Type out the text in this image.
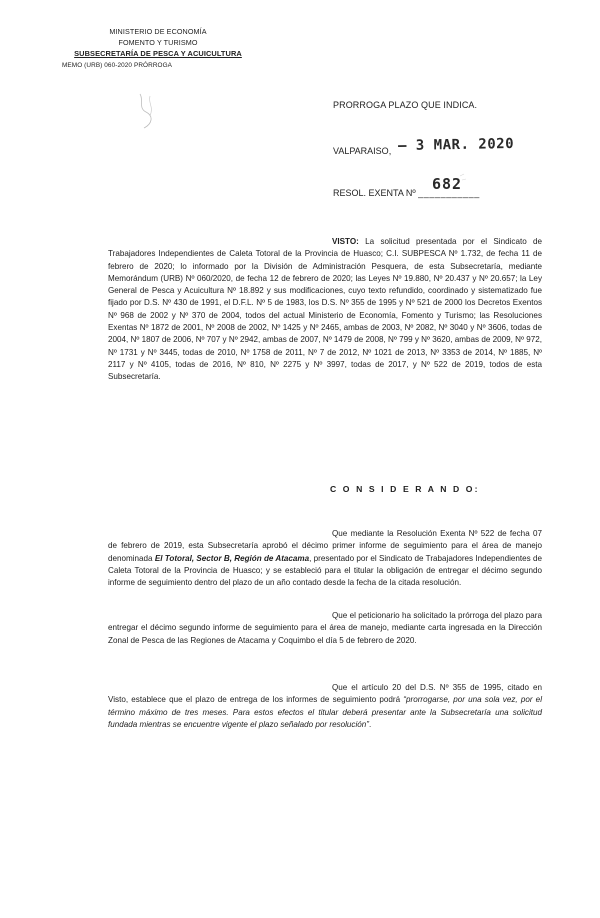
MINISTERIO DE ECONOMÍA
FOMENTO Y TURISMO
SUBSECRETARÍA DE PESCA Y ACUICULTURA
MEMO (URB) 060-2020 PRÓRROGA
PRORROGA PLAZO QUE INDICA.
VALPARAISO, – 3 MAR. 2020
RESOL. EXENTA Nº ___________
682

VISTO: La solicitud presentada por el Sindicato de Trabajadores Independientes de Caleta Totoral de la Provincia de Huasco; C.I. SUBPESCA Nº 1.732, de fecha 11 de febrero de 2020; lo informado por la División de Administración Pesquera, de esta Subsecretaría, mediante Memorándum (URB) Nº 060/2020, de fecha 12 de febrero de 2020; las Leyes Nº 19.880, Nº 20.437 y Nº 20.657; la Ley General de Pesca y Acuicultura Nº 18.892 y sus modificaciones, cuyo texto refundido, coordinado y sistematizado fue fijado por D.S. Nº 430 de 1991, el D.F.L. Nº 5 de 1983, los D.S. Nº 355 de 1995 y Nº 521 de 2000 los Decretos Exentos Nº 968 de 2002 y Nº 370 de 2004, todos del actual Ministerio de Economía, Fomento y Turismo; las Resoluciones Exentas Nº 1872 de 2001, Nº 2008 de 2002, Nº 1425 y Nº 2465, ambas de 2003, Nº 2082, Nº 3040 y Nº 3606, todas de 2004, Nº 1807 de 2006, Nº 707 y Nº 2942, ambas de 2007, Nº 1479 de 2008, Nº 799 y Nº 3620, ambas de 2009, Nº 972, Nº 1731 y Nº 3445, todas de 2010, Nº 1758 de 2011, Nº 7 de 2012, Nº 1021 de 2013, Nº 3353 de 2014, Nº 1885, Nº 2117 y Nº 4105, todas de 2016, Nº 810, Nº 2275 y Nº 3997, todas de 2017, y Nº 522 de 2019, todos de esta Subsecretaría.

C O N S I D E R A N D O:

Que mediante la Resolución Exenta Nº 522 de fecha 07 de febrero de 2019, esta Subsecretaría aprobó el décimo primer informe de seguimiento para el área de manejo denominada El Totoral, Sector B, Región de Atacama, presentado por el Sindicato de Trabajadores Independientes de Caleta Totoral de la Provincia de Huasco; y se estableció para el titular la obligación de entregar el décimo segundo informe de seguimiento dentro del plazo de un año contado desde la fecha de la citada resolución.

Que el peticionario ha solicitado la prórroga del plazo para entregar el décimo segundo informe de seguimiento para el área de manejo, mediante carta ingresada en la Dirección Zonal de Pesca de las Regiones de Atacama y Coquimbo el día 5 de febrero de 2020.

Que el artículo 20 del D.S. Nº 355 de 1995, citado en Visto, establece que el plazo de entrega de los informes de seguimiento podrá “prorrogarse, por una sola vez, por el término máximo de tres meses. Para estos efectos el titular deberá presentar ante la Subsecretaría una solicitud fundada mientras se encuentre vigente el plazo señalado por resolución”.
